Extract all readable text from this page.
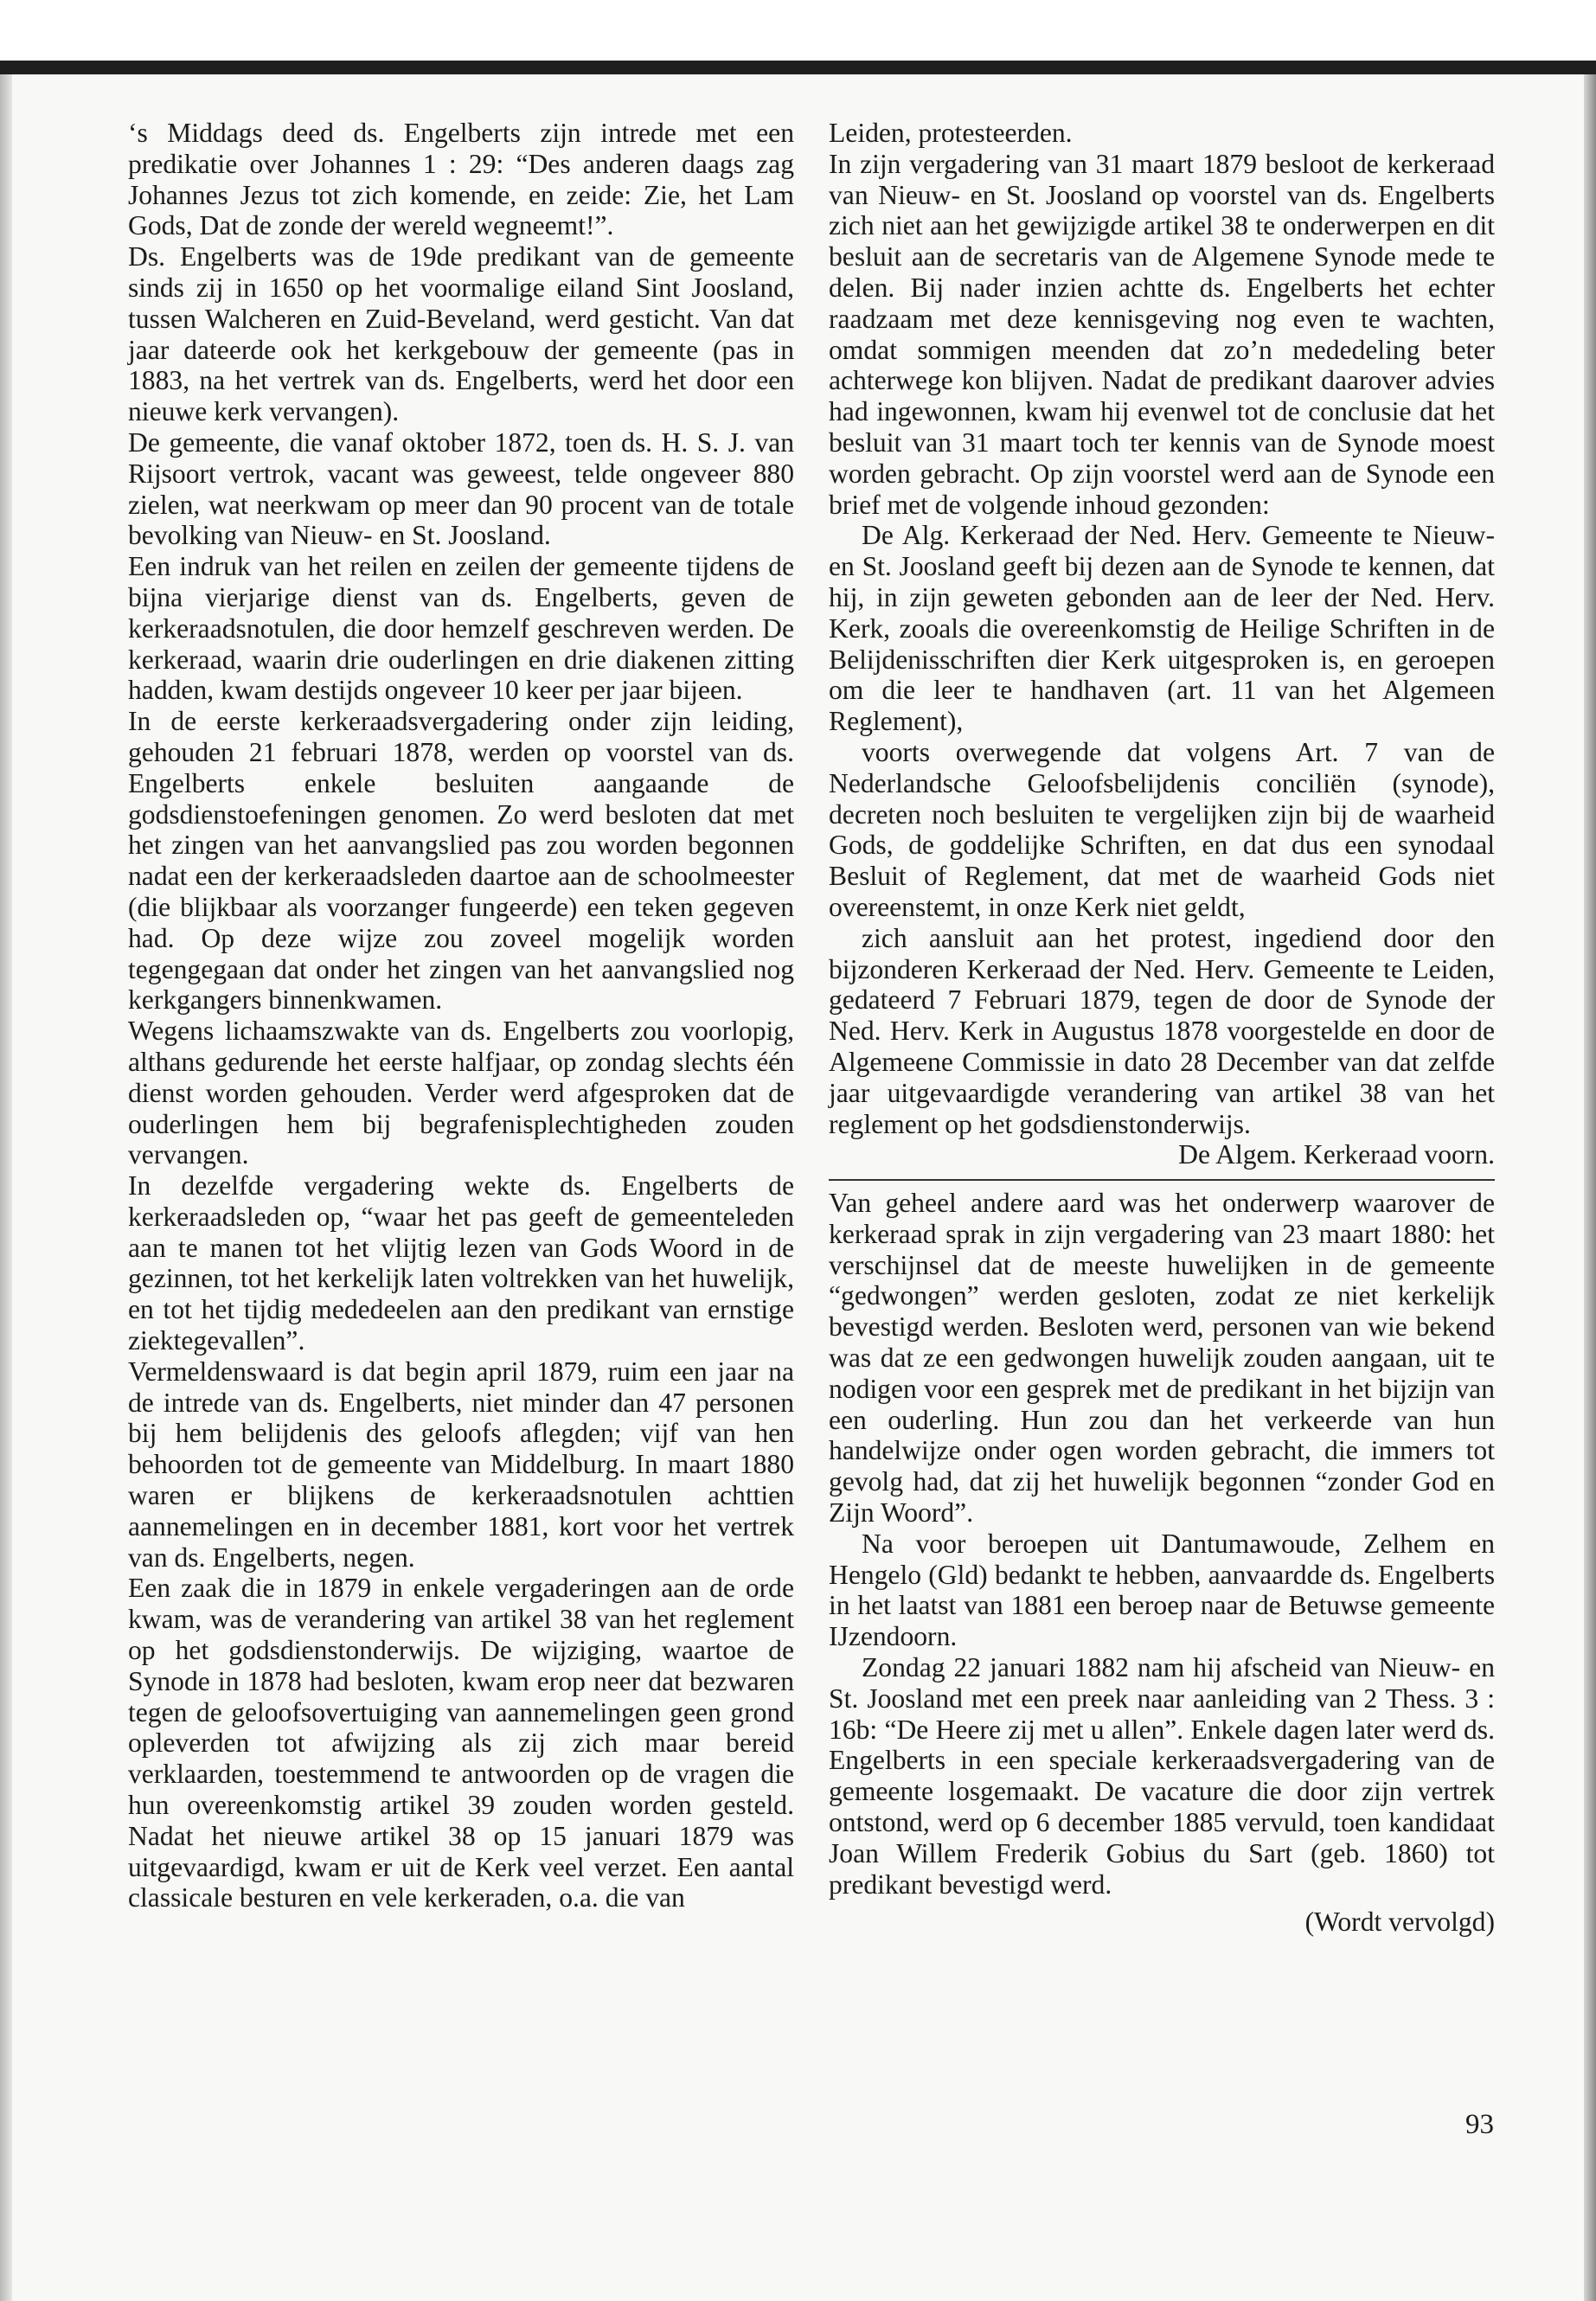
‘s Middags deed ds. Engelberts zijn intrede met een predikatie over Johannes 1 : 29: “Des anderen daags zag Johannes Jezus tot zich komende, en zeide: Zie, het Lam Gods, Dat de zonde der wereld wegneemt!”.

Ds. Engelberts was de 19de predikant van de gemeente sinds zij in 1650 op het voormalige eiland Sint Joosland, tussen Walcheren en Zuid-Beveland, werd gesticht. Van dat jaar dateerde ook het kerkgebouw der gemeente (pas in 1883, na het vertrek van ds. Engelberts, werd het door een nieuwe kerk vervangen).

De gemeente, die vanaf oktober 1872, toen ds. H. S. J. van Rijsoort vertrok, vacant was geweest, telde ongeveer 880 zielen, wat neerkwam op meer dan 90 procent van de totale bevolking van Nieuw- en St. Joosland.

Een indruk van het reilen en zeilen der gemeente tijdens de bijna vierjarige dienst van ds. Engelberts, geven de kerkeraadsnotulen, die door hemzelf geschreven werden. De kerkeraad, waarin drie ouderlingen en drie diakenen zitting hadden, kwam destijds ongeveer 10 keer per jaar bijeen.

In de eerste kerkeraadsvergadering onder zijn leiding, gehouden 21 februari 1878, werden op voorstel van ds. Engelberts enkele besluiten aangaande de godsdienstoefeningen genomen. Zo werd besloten dat met het zingen van het aanvangslied pas zou worden begonnen nadat een der kerkeraadsleden daartoe aan de schoolmeester (die blijkbaar als voorzanger fungeerde) een teken gegeven had. Op deze wijze zou zoveel mogelijk worden tegengegaan dat onder het zingen van het aanvangslied nog kerkgangers binnenkwamen.

Wegens lichaamszwakte van ds. Engelberts zou voorlopig, althans gedurende het eerste halfjaar, op zondag slechts één dienst worden gehouden. Verder werd afgesproken dat de ouderlingen hem bij begrafenisplechtigheden zouden vervangen.

In dezelfde vergadering wekte ds. Engelberts de kerkeraadsleden op, “waar het pas geeft de gemeenteleden aan te manen tot het vlijtig lezen van Gods Woord in de gezinnen, tot het kerkelijk laten voltrekken van het huwelijk, en tot het tijdig mededeelen aan den predikant van ernstige ziektegevallen”.

Vermeldenswaard is dat begin april 1879, ruim een jaar na de intrede van ds. Engelberts, niet minder dan 47 personen bij hem belijdenis des geloofs aflegden; vijf van hen behoorden tot de gemeente van Middelburg. In maart 1880 waren er blijkens de kerkeraadsnotulen achttien aannemelingen en in december 1881, kort voor het vertrek van ds. Engelberts, negen.

Een zaak die in 1879 in enkele vergaderingen aan de orde kwam, was de verandering van artikel 38 van het reglement op het godsdienstonderwijs. De wijziging, waartoe de Synode in 1878 had besloten, kwam erop neer dat bezwaren tegen de geloofsovertuiging van aannemelingen geen grond opleverden tot afwijzing als zij zich maar bereid verklaarden, toestemmend te antwoorden op de vragen die hun overeenkomstig artikel 39 zouden worden gesteld. Nadat het nieuwe artikel 38 op 15 januari 1879 was uitgevaardigd, kwam er uit de Kerk veel verzet. Een aantal classicale besturen en vele kerkeraden, o.a. die van

Leiden, protesteerden.

In zijn vergadering van 31 maart 1879 besloot de kerkeraad van Nieuw- en St. Joosland op voorstel van ds. Engelberts zich niet aan het gewijzigde artikel 38 te onderwerpen en dit besluit aan de secretaris van de Algemene Synode mede te delen. Bij nader inzien achtte ds. Engelberts het echter raadzaam met deze kennisgeving nog even te wachten, omdat sommigen meenden dat zo’n mededeling beter achterwege kon blijven. Nadat de predikant daarover advies had ingewonnen, kwam hij evenwel tot de conclusie dat het besluit van 31 maart toch ter kennis van de Synode moest worden gebracht. Op zijn voorstel werd aan de Synode een brief met de volgende inhoud gezonden:

De Alg. Kerkeraad der Ned. Herv. Gemeente te Nieuw- en St. Joosland geeft bij dezen aan de Synode te kennen, dat hij, in zijn geweten gebonden aan de leer der Ned. Herv. Kerk, zooals die overeenkomstig de Heilige Schriften in de Belijdenisschriften dier Kerk uitgesproken is, en geroepen om die leer te handhaven (art. 11 van het Algemeen Reglement),

voorts overwegende dat volgens Art. 7 van de Nederlandsche Geloofsbelijdenis conciliën (synode), decreten noch besluiten te vergelijken zijn bij de waarheid Gods, de goddelijke Schriften, en dat dus een synodaal Besluit of Reglement, dat met de waarheid Gods niet overeenstemt, in onze Kerk niet geldt,

zich aansluit aan het protest, ingediend door den bijzonderen Kerkeraad der Ned. Herv. Gemeente te Leiden, gedateerd 7 Februari 1879, tegen de door de Synode der Ned. Herv. Kerk in Augustus 1878 voorgestelde en door de Algemeene Commissie in dato 28 December van dat zelfde jaar uitgevaardigde verandering van artikel 38 van het reglement op het godsdienstonderwijs.

De Algem. Kerkeraad voorn.

Van geheel andere aard was het onderwerp waarover de kerkeraad sprak in zijn vergadering van 23 maart 1880: het verschijnsel dat de meeste huwelijken in de gemeente “gedwongen” werden gesloten, zodat ze niet kerkelijk bevestigd werden. Besloten werd, personen van wie bekend was dat ze een gedwongen huwelijk zouden aangaan, uit te nodigen voor een gesprek met de predikant in het bijzijn van een ouderling. Hun zou dan het verkeerde van hun handelwijze onder ogen worden gebracht, die immers tot gevolg had, dat zij het huwelijk begonnen “zonder God en Zijn Woord”.

Na voor beroepen uit Dantumawoude, Zelhem en Hengelo (Gld) bedankt te hebben, aanvaardde ds. Engelberts in het laatst van 1881 een beroep naar de Betuwse gemeente IJzendoorn.

Zondag 22 januari 1882 nam hij afscheid van Nieuw- en St. Joosland met een preek naar aanleiding van 2 Thess. 3 : 16b: “De Heere zij met u allen”. Enkele dagen later werd ds. Engelberts in een speciale kerkeraadsvergadering van de gemeente losgemaakt. De vacature die door zijn vertrek ontstond, werd op 6 december 1885 vervuld, toen kandidaat Joan Willem Frederik Gobius du Sart (geb. 1860) tot predikant bevestigd werd.

(Wordt vervolgd)

93
